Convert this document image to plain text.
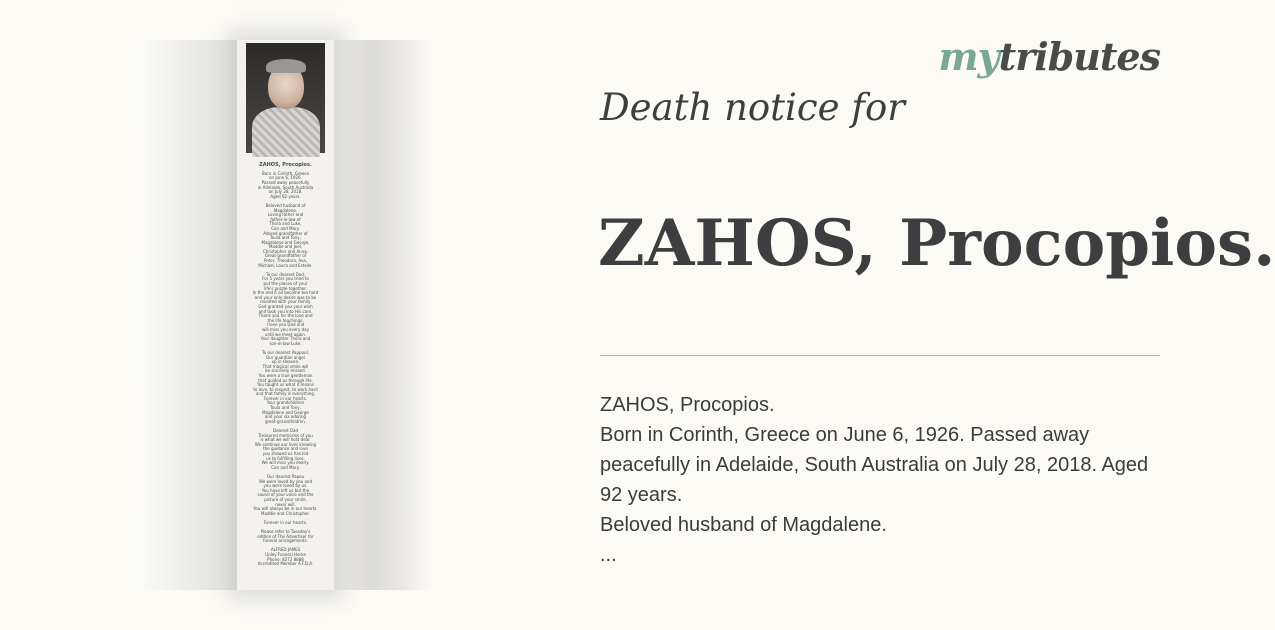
ZAHOS, Procopios.

Born in Corinth, Greece
on June 6, 1926.
Passed away peacefully
in Adelaide, South Australia
on July 28, 2018.
Aged 92 years.

Beloved husband of
Magdalene.
Loving father and
father-in-law of
Thora and Luke,
Con and Mary.
Adored grandfather of
Toula and Tony,
Magdalene and George,
Maddie and Joel,
Christopher and Anna.
Great-grandfather of
Peter, Theodora, Ava,
Michael, Louca and Estelle.

To our dearest Dad,
For 5 years you tried to
put the pieces of your
life's puzzle together.
In the end it all became too hard
and your only desire was to be
reunited with your family.
God granted you your wish
and took you into His care.
Thank you for the love and
the life teachings.
I love you Dad and
will miss you every day
until we meet again.
Your daughter Thora and
son-in-law Luke.

To our dearest Pappoul,
Our guardian angel
up in Heaven.
That magical smile will
be sincerely missed.
You were a true gentleman
that guided us through life.
You taught us what it means
to love, to respect, to work hard
and that family is everything.
Forever in our hearts.
Your grandchildren
Toula and Tony,
Magdalene and George
and your six adoring
great-grandchildren.

Dearest Dad
Treasured memories of you
is what we will hold dear.
We continue our lives knowing
the guidance and love
you showed us has led
us to fulfilling lives.
We will miss you dearly.
Con and Mary.

Our dearest Papou
We were loved by you and
you were loved by us.
You have left us but the
sound of your voice and the
picture of your smile,
never will.
You will always be in our hearts.
Maddie and Christopher.

Forever in our hearts.

Please refer to Tuesday's
edition of The Advertiser for
funeral arrangements.

ALFRED JAMES
Unley Funeral Home
Phone: 8272 8888
Accredited Member A.F.D.A.

mytributes
Death notice for
ZAHOS, Procopios.
ZAHOS, Procopios.
Born in Corinth, Greece on June 6, 1926. Passed away peacefully in Adelaide, South Australia on July 28, 2018. Aged 92 years.
Beloved husband of Magdalene.
...
